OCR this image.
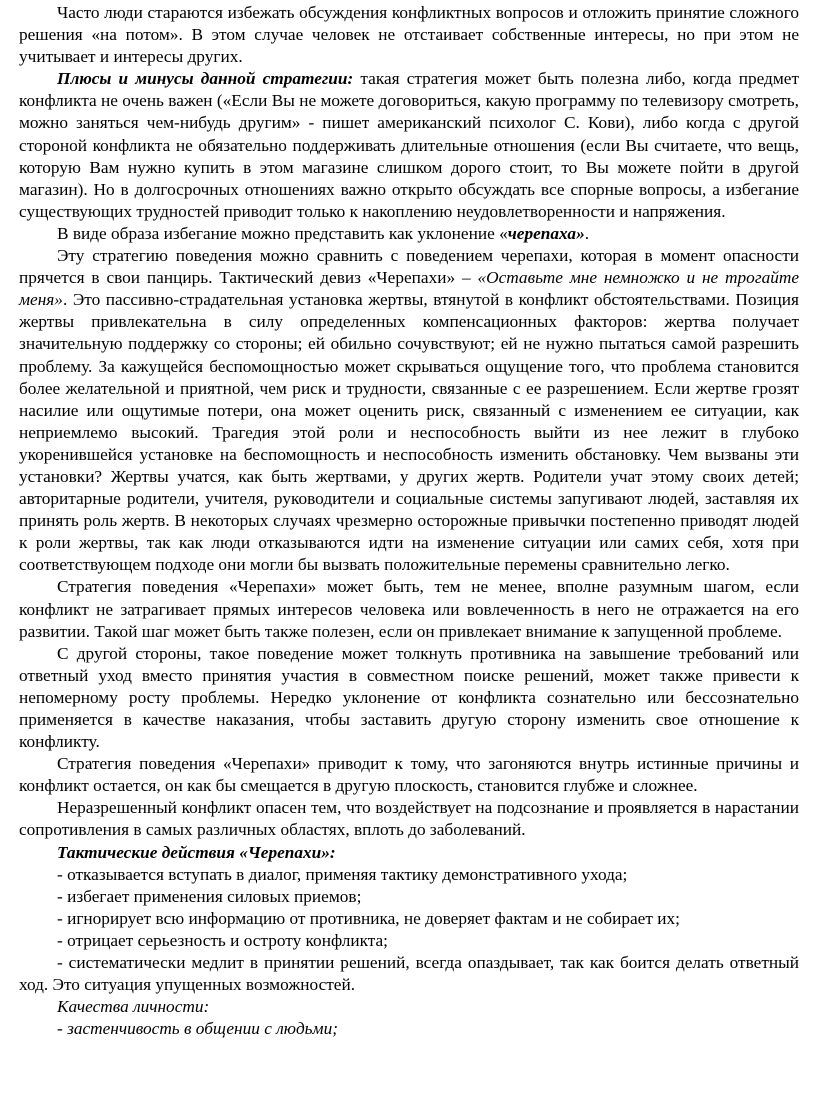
Часто люди стараются избежать обсуждения конфликтных вопросов и отложить принятие сложного решения «на потом». В этом случае человек не отстаивает собственные интересы, но при этом не учитывает и интересы других.

Плюсы и минусы данной стратегии: такая стратегия может быть полезна либо, когда предмет конфликта не очень важен («Если Вы не можете договориться, какую программу по телевизору смотреть, можно заняться чем-нибудь другим» - пишет американский психолог С. Кови), либо когда с другой стороной конфликта не обязательно поддерживать длительные отношения (если Вы считаете, что вещь, которую Вам нужно купить в этом магазине слишком дорого стоит, то Вы можете пойти в другой магазин). Но в долгосрочных отношениях важно открыто обсуждать все спорные вопросы, а избегание существующих трудностей приводит только к накоплению неудовлетворенности и напряжения.

В виде образа избегание можно представить как уклонение «черепаха».

Эту стратегию поведения можно сравнить с поведением черепахи, которая в момент опасности прячется в свои панцирь. Тактический девиз «Черепахи» – «Оставьте мне немножко и не трогайте меня». Это пассивно-страдательная установка жертвы, втянутой в конфликт обстоятельствами. Позиция жертвы привлекательна в силу определенных компенсационных факторов: жертва получает значительную поддержку со стороны; ей обильно сочувствуют; ей не нужно пытаться самой разрешить проблему. За кажущейся беспомощностью может скрываться ощущение того, что проблема становится более желательной и приятной, чем риск и трудности, связанные с ее разрешением. Если жертве грозят насилие или ощутимые потери, она может оценить риск, связанный с изменением ее ситуации, как неприемлемо высокий. Трагедия этой роли и неспособность выйти из нее лежит в глубоко укоренившейся установке на беспомощность и неспособность изменить обстановку. Чем вызваны эти установки? Жертвы учатся, как быть жертвами, у других жертв. Родители учат этому своих детей; авторитарные родители, учителя, руководители и социальные системы запугивают людей, заставляя их принять роль жертв. В некоторых случаях чрезмерно осторожные привычки постепенно приводят людей к роли жертвы, так как люди отказываются идти на изменение ситуации или самих себя, хотя при соответствующем подходе они могли бы вызвать положительные перемены сравнительно легко.

Стратегия поведения «Черепахи» может быть, тем не менее, вполне разумным шагом, если конфликт не затрагивает прямых интересов человека или вовлеченность в него не отражается на его развитии. Такой шаг может быть также полезен, если он привлекает внимание к запущенной проблеме.

С другой стороны, такое поведение может толкнуть противника на завышение требований или ответный уход вместо принятия участия в совместном поиске решений, может также привести к непомерному росту проблемы. Нередко уклонение от конфликта сознательно или бессознательно применяется в качестве наказания, чтобы заставить другую сторону изменить свое отношение к конфликту.

Стратегия поведения «Черепахи» приводит к тому, что загоняются внутрь истинные причины и конфликт остается, он как бы смещается в другую плоскость, становится глубже и сложнее.

Неразрешенный конфликт опасен тем, что воздействует на подсознание и проявляется в нарастании сопротивления в самых различных областях, вплоть до заболеваний.

Тактические действия «Черепахи»:

- отказывается вступать в диалог, применяя тактику демонстративного ухода;

- избегает применения силовых приемов;

- игнорирует всю информацию от противника, не доверяет фактам и не собирает их;

- отрицает серьезность и остроту конфликта;

- систематически медлит в принятии решений, всегда опаздывает, так как боится делать ответный ход. Это ситуация упущенных возможностей.

Качества личности:

- застенчивость в общении с людьми;
